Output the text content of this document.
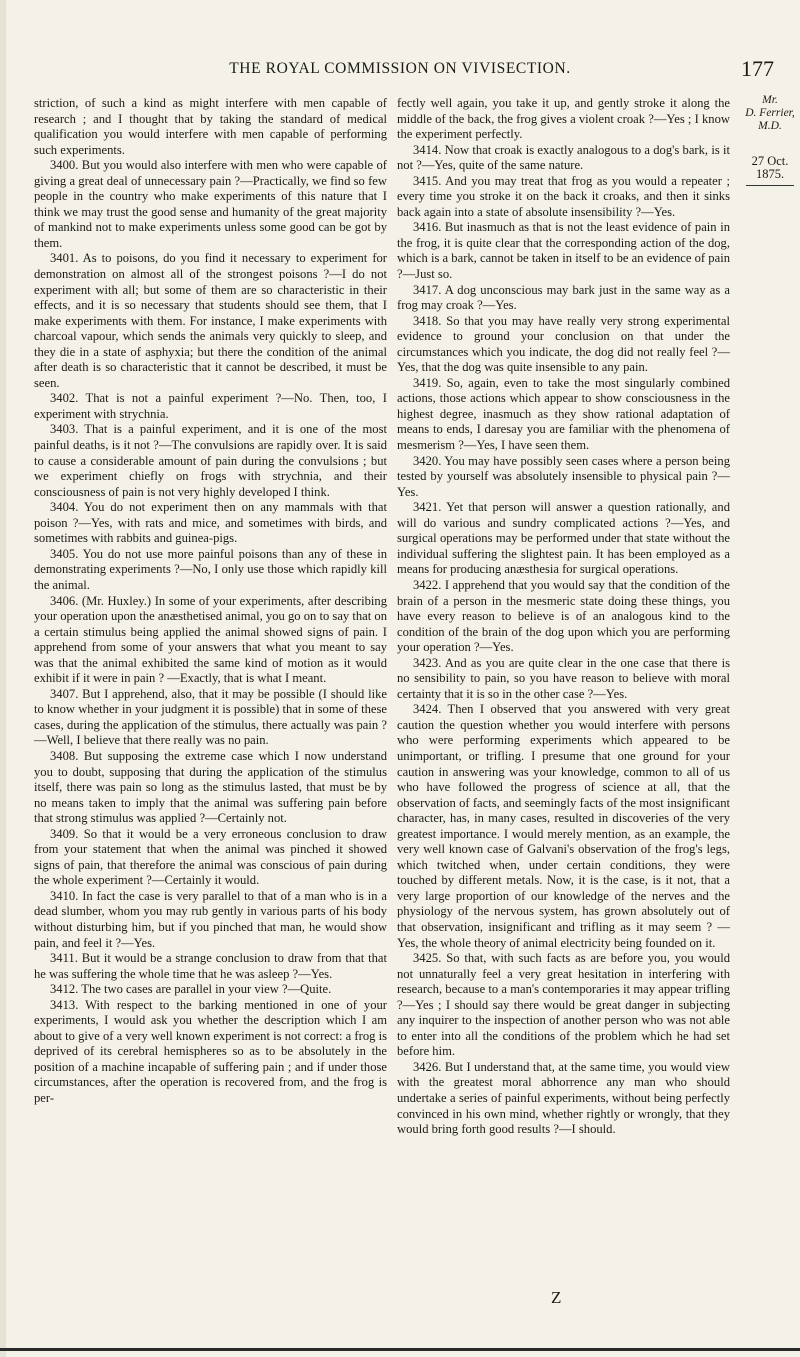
THE ROYAL COMMISSION ON VIVISECTION.	177

striction, of such a kind as might interfere with men capable of research ; and I thought that by taking the standard of medical qualification you would interfere with men capable of performing such experiments.

3400. But you would also interfere with men who were capable of giving a great deal of unnecessary pain ?—Practically, we find so few people in the country who make experiments of this nature that I think we may trust the good sense and humanity of the great majority of mankind not to make experiments unless some good can be got by them.

3401. As to poisons, do you find it necessary to experiment for demonstration on almost all of the strongest poisons ?—I do not experiment with all; but some of them are so characteristic in their effects, and it is so necessary that students should see them, that I make experiments with them. For instance, I make experiments with charcoal vapour, which sends the animals very quickly to sleep, and they die in a state of asphyxia; but there the condition of the animal after death is so characteristic that it cannot be described, it must be seen.

3402. That is not a painful experiment ?—No. Then, too, I experiment with strychnia.

3403. That is a painful experiment, and it is one of the most painful deaths, is it not ?—The convulsions are rapidly over. It is said to cause a considerable amount of pain during the convulsions ; but we experiment chiefly on frogs with strychnia, and their consciousness of pain is not very highly developed I think.

3404. You do not experiment then on any mammals with that poison ?—Yes, with rats and mice, and sometimes with birds, and sometimes with rabbits and guinea-pigs.

3405. You do not use more painful poisons than any of these in demonstrating experiments ?—No, I only use those which rapidly kill the animal.

3406. (Mr. Huxley.) In some of your experiments, after describing your operation upon the anæsthetised animal, you go on to say that on a certain stimulus being applied the animal showed signs of pain. I apprehend from some of your answers that what you meant to say was that the animal exhibited the same kind of motion as it would exhibit if it were in pain ? —Exactly, that is what I meant.

3407. But I apprehend, also, that it may be possible (I should like to know whether in your judgment it is possible) that in some of these cases, during the application of the stimulus, there actually was pain ?—Well, I believe that there really was no pain.

3408. But supposing the extreme case which I now understand you to doubt, supposing that during the application of the stimulus itself, there was pain so long as the stimulus lasted, that must be by no means taken to imply that the animal was suffering pain before that strong stimulus was applied ?—Certainly not.

3409. So that it would be a very erroneous conclusion to draw from your statement that when the animal was pinched it showed signs of pain, that therefore the animal was conscious of pain during the whole experiment ?—Certainly it would.

3410. In fact the case is very parallel to that of a man who is in a dead slumber, whom you may rub gently in various parts of his body without disturbing him, but if you pinched that man, he would show pain, and feel it ?—Yes.

3411. But it would be a strange conclusion to draw from that that he was suffering the whole time that he was asleep ?—Yes.

3412. The two cases are parallel in your view ?—Quite.

3413. With respect to the barking mentioned in one of your experiments, I would ask you whether the description which I am about to give of a very well known experiment is not correct: a frog is deprived of its cerebral hemispheres so as to be absolutely in the position of a machine incapable of suffering pain ; and if under those circumstances, after the operation is recovered from, and the frog is per-

fectly well again, you take it up, and gently stroke it along the middle of the back, the frog gives a violent croak ?—Yes ; I know the experiment perfectly.

3414. Now that croak is exactly analogous to a dog's bark, is it not ?—Yes, quite of the same nature.

3415. And you may treat that frog as you would a repeater ; every time you stroke it on the back it croaks, and then it sinks back again into a state of absolute insensibility ?—Yes.

3416. But inasmuch as that is not the least evidence of pain in the frog, it is quite clear that the corresponding action of the dog, which is a bark, cannot be taken in itself to be an evidence of pain ?—Just so.

3417. A dog unconscious may bark just in the same way as a frog may croak ?—Yes.

3418. So that you may have really very strong experimental evidence to ground your conclusion on that under the circumstances which you indicate, the dog did not really feel ?—Yes, that the dog was quite insensible to any pain.

3419. So, again, even to take the most singularly combined actions, those actions which appear to show consciousness in the highest degree, inasmuch as they show rational adaptation of means to ends, I daresay you are familiar with the phenomena of mesmerism ?—Yes, I have seen them.

3420. You may have possibly seen cases where a person being tested by yourself was absolutely insensible to physical pain ?—Yes.

3421. Yet that person will answer a question rationally, and will do various and sundry complicated actions ?—Yes, and surgical operations may be performed under that state without the individual suffering the slightest pain. It has been employed as a means for producing anæsthesia for surgical operations.

3422. I apprehend that you would say that the condition of the brain of a person in the mesmeric state doing these things, you have every reason to believe is of an analogous kind to the condition of the brain of the dog upon which you are performing your operation ?—Yes.

3423. And as you are quite clear in the one case that there is no sensibility to pain, so you have reason to believe with moral certainty that it is so in the other case ?—Yes.

3424. Then I observed that you answered with very great caution the question whether you would interfere with persons who were performing experiments which appeared to be unimportant, or trifling. I presume that one ground for your caution in answering was your knowledge, common to all of us who have followed the progress of science at all, that the observation of facts, and seemingly facts of the most insignificant character, has, in many cases, resulted in discoveries of the very greatest importance. I would merely mention, as an example, the very well known case of Galvani's observation of the frog's legs, which twitched when, under certain conditions, they were touched by different metals. Now, it is the case, is it not, that a very large proportion of our knowledge of the nerves and the physiology of the nervous system, has grown absolutely out of that observation, insignificant and trifling as it may seem ? —Yes, the whole theory of animal electricity being founded on it.

3425. So that, with such facts as are before you, you would not unnaturally feel a very great hesitation in interfering with research, because to a man's contemporaries it may appear trifling ?—Yes ; I should say there would be great danger in subjecting any inquirer to the inspection of another person who was not able to enter into all the conditions of the problem which he had set before him.

3426. But I understand that, at the same time, you would view with the greatest moral abhorrence any man who should undertake a series of painful experiments, without being perfectly convinced in his own mind, whether rightly or wrongly, that they would bring forth good results ?—I should.

Mr.
D. Ferrier,
M.D.
27 Oct. 1875.
Z
